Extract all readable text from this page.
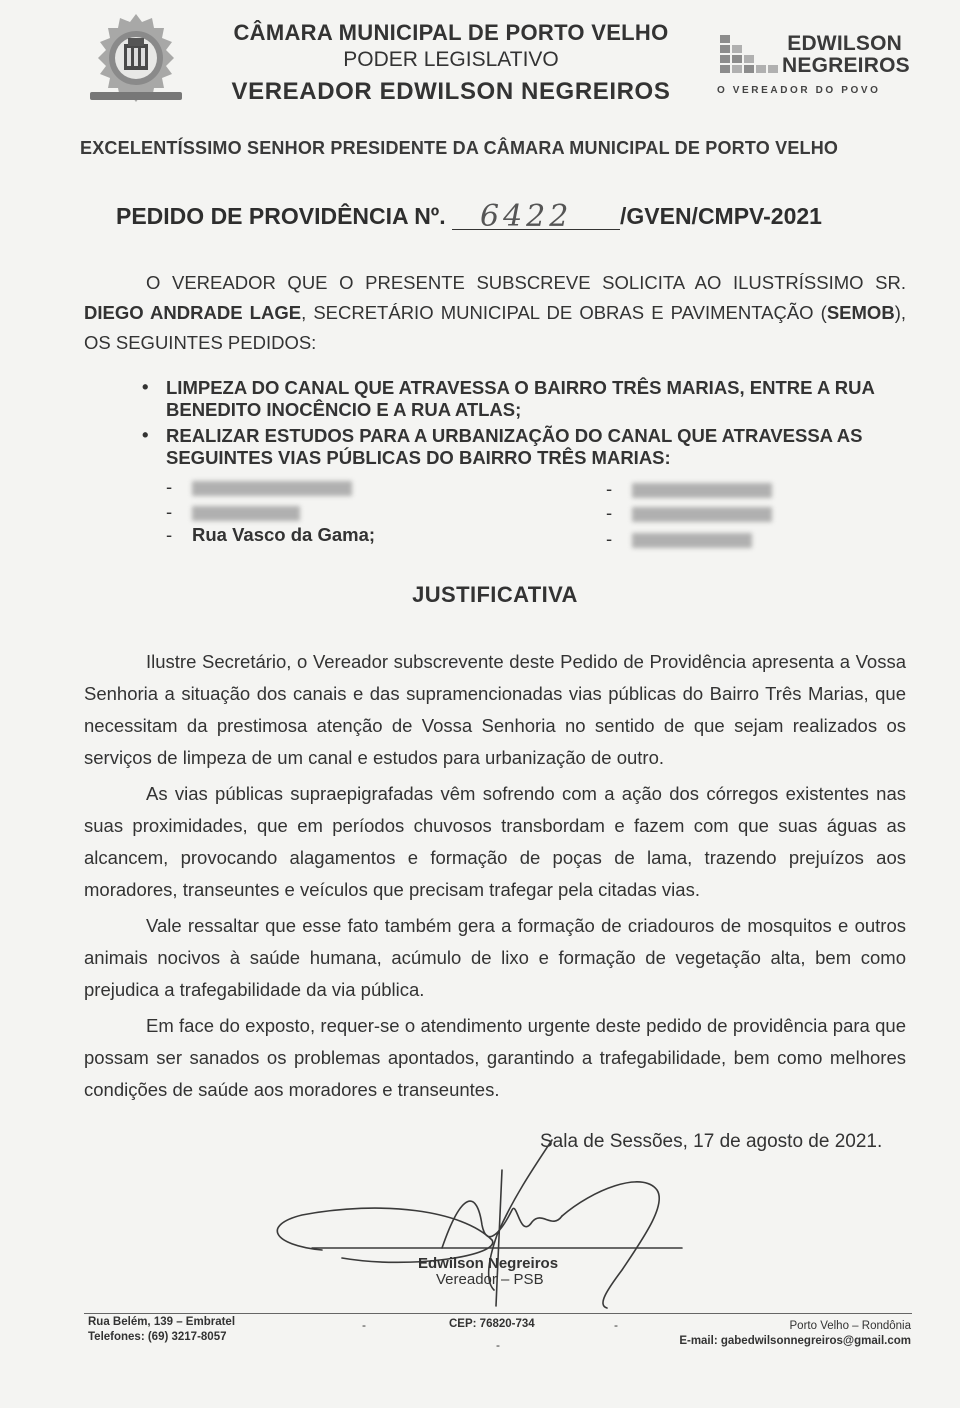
CÂMARA MUNICIPAL DE PORTO VELHO
PODER LEGISLATIVO
VEREADOR EDWILSON NEGREIROS
EDWILSON
NEGREIROS
O VEREADOR DO POVO
EXCELENTÍSSIMO SENHOR PRESIDENTE DA CÂMARA MUNICIPAL DE PORTO VELHO
PEDIDO DE PROVIDÊNCIA Nº. 6422 /GVEN/CMPV-2021
O VEREADOR QUE O PRESENTE SUBSCREVE SOLICITA AO ILUSTRÍSSIMO SR. DIEGO ANDRADE LAGE, SECRETÁRIO MUNICIPAL DE OBRAS E PAVIMENTAÇÃO (SEMOB), OS SEGUINTES PEDIDOS:
• LIMPEZA DO CANAL QUE ATRAVESSA O BAIRRO TRÊS MARIAS, ENTRE A RUA BENEDITO INOCÊNCIO E A RUA ATLAS;
• REALIZAR ESTUDOS PARA A URBANIZAÇÃO DO CANAL QUE ATRAVESSA AS SEGUINTES VIAS PÚBLICAS DO BAIRRO TRÊS MARIAS:
-
-
- Rua Vasco da Gama;
-
-
-
JUSTIFICATIVA
Ilustre Secretário, o Vereador subscrevente deste Pedido de Providência apresenta a Vossa Senhoria a situação dos canais e das supramencionadas vias públicas do Bairro Três Marias, que necessitam da prestimosa atenção de Vossa Senhoria no sentido de que sejam realizados os serviços de limpeza de um canal e estudos para urbanização de outro.
As vias públicas supraepigrafadas vêm sofrendo com a ação dos córregos existentes nas suas proximidades, que em períodos chuvosos transbordam e fazem com que suas águas as alcancem, provocando alagamentos e formação de poças de lama, trazendo prejuízos aos moradores, transeuntes e veículos que precisam trafegar pela citadas vias.
Vale ressaltar que esse fato também gera a formação de criadouros de mosquitos e outros animais nocivos à saúde humana, acúmulo de lixo e formação de vegetação alta, bem como prejudica a trafegabilidade da via pública.
Em face do exposto, requer-se o atendimento urgente deste pedido de providência para que possam ser sanados os problemas apontados, garantindo a trafegabilidade, bem como melhores condições de saúde aos moradores e transeuntes.
Sala de Sessões, 17 de agosto de 2021.
Edwilson Negreiros
Vereador – PSB
Rua Belém, 139 – Embratel
Telefones: (69) 3217-8057
CEP: 76820-734	Porto Velho – Rondônia
E-mail: gabedwilsonnegreiros@gmail.com
-
-
-
